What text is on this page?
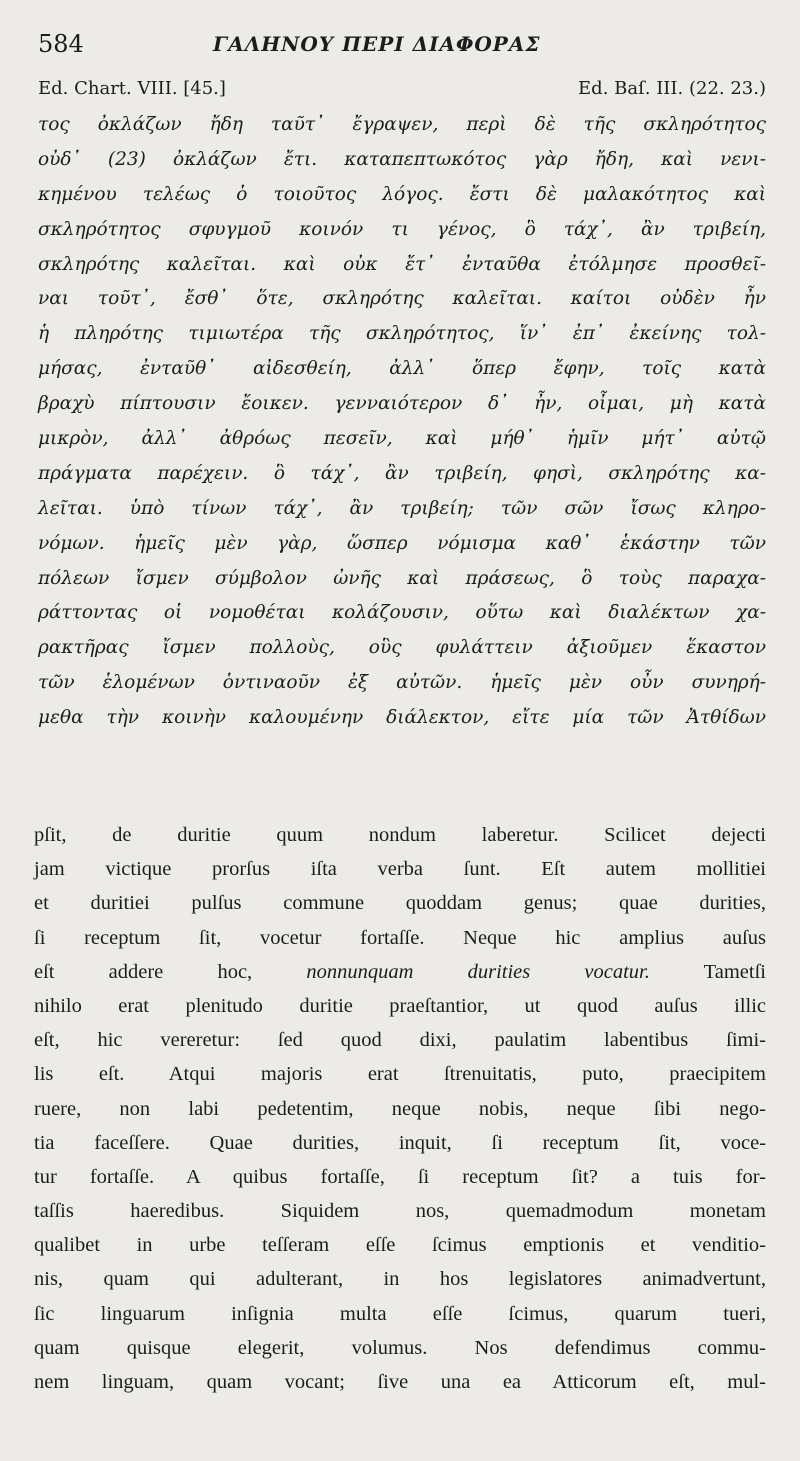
584	ΓΑΛΗΝΟΥ ΠΕΡΙ ΔΙΑΦΟΡΑΣ
Ed. Chart. VIII. [45.]	Ed. Baſ. III. (22. 23.)
τος ὀκλάζων ἤδη ταῦτ᾽ ἔγραψεν, περὶ δὲ τῆς σκληρότητος
οὐδ᾽ (23) ὀκλάζων ἔτι. καταπεπτωκότος γὰρ ἤδη, καὶ νενι-
κημένου τελέως ὁ τοιοῦτος λόγος. ἔστι δὲ μαλακότητος καὶ
σκληρότητος σφυγμοῦ κοινόν τι γένος, ὃ τάχ᾽, ἂν τριβείη,
σκληρότης καλεῖται. καὶ οὐκ ἔτ᾽ ἐνταῦθα ἐτόλμησε προσθεῖ-
ναι τοῦτ᾽, ἔσθ᾽ ὅτε, σκληρότης καλεῖται. καίτοι οὐδὲν ἦν
ἡ πληρότης τιμιωτέρα τῆς σκληρότητος, ἵν᾽ ἐπ᾽ ἐκείνης τολ-
μήσας, ἐνταῦθ᾽ αἰδεσθείη, ἀλλ᾽ ὅπερ ἔφην, τοῖς κατὰ
βραχὺ πίπτουσιν ἔοικεν. γενναιότερον δ᾽ ἦν, οἶμαι, μὴ κατὰ
μικρὸν, ἀλλ᾽ ἀθρόως πεσεῖν, καὶ μήθ᾽ ἡμῖν μήτ᾽ αὐτῷ
πράγματα παρέχειν. ὃ τάχ᾽, ἂν τριβείη, φησὶ, σκληρότης κα-
λεῖται. ὑπὸ τίνων τάχ᾽, ἂν τριβείη; τῶν σῶν ἴσως κληρο-
νόμων. ἡμεῖς μὲν γὰρ, ὥσπερ νόμισμα καθ᾽ ἑκάστην τῶν
πόλεων ἴσμεν σύμβολον ὠνῆς καὶ πράσεως, ὃ τοὺς παραχα-
ράττοντας οἱ νομοθέται κολάζουσιν, οὕτω καὶ διαλέκτων χα-
ρακτῆρας ἴσμεν πολλοὺς, οὓς φυλάττειν ἀξιοῦμεν ἕκαστον
τῶν ἑλομένων ὁντιναοῦν ἐξ αὐτῶν. ἡμεῖς μὲν οὖν συνηρή-
μεθα τὴν κοινὴν καλουμένην διάλεκτον, εἴτε μία τῶν Ἀτθίδων
pſit, de duritie quum nondum laberetur. Scilicet dejecti
jam victique prorſus iſta verba ſunt. Eſt autem mollitiei
et duritiei pulſus commune quoddam genus; quae durities,
ſi receptum ſit, vocetur fortaſſe. Neque hic amplius auſus
eſt addere hoc, nonnunquam durities vocatur. Tametſi
nihilo erat plenitudo duritie praeſtantior, ut quod auſus illic
eſt, hic vereretur: ſed quod dixi, paulatim labentibus ſimi-
lis eſt. Atqui majoris erat ſtrenuitatis, puto, praecipitem
ruere, non labi pedetentim, neque nobis, neque ſibi nego-
tia faceſſere. Quae durities, inquit, ſi receptum ſit, voce-
tur fortaſſe. A quibus fortaſſe, ſi receptum ſit? a tuis for-
taſſis haeredibus. Siquidem nos, quemadmodum monetam
qualibet in urbe teſſeram eſſe ſcimus emptionis et venditio-
nis, quam qui adulterant, in hos legislatores animadvertunt,
ſic linguarum inſignia multa eſſe ſcimus, quarum tueri,
quam quisque elegerit, volumus. Nos defendimus commu-
nem linguam, quam vocant; ſive una ea Atticorum eſt, mul-
